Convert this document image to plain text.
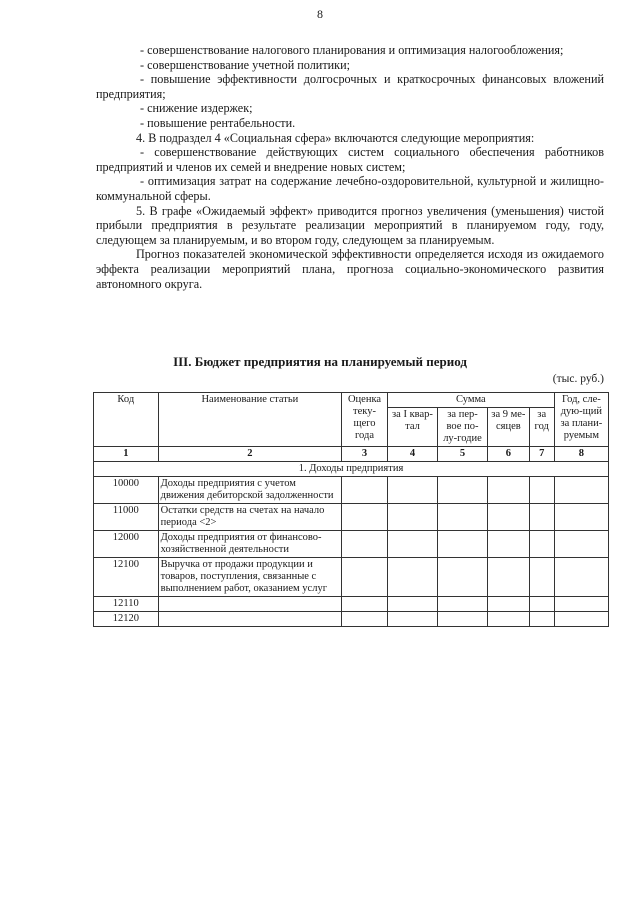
8

- совершенствование налогового планирования и оптимизация налогообложения;

- совершенствование учетной политики;

- повышение эффективности долгосрочных и краткосрочных финансовых вложений предприятия;

- снижение издержек;

- повышение рентабельности.

4. В подраздел 4 «Социальная сфера» включаются следующие мероприятия:

- совершенствование действующих систем социального обеспечения работников предприятий и членов их семей и внедрение новых систем;

- оптимизация затрат на содержание лечебно-оздоровительной, культурной и жилищно-коммунальной сферы.

5. В графе «Ожидаемый эффект» приводится прогноз увеличения (уменьшения) чистой прибыли предприятия в результате реализации мероприятий в планируемом году, году, следующем за планируемым, и во втором году, следующем за планируемым.

Прогноз показателей экономической эффективности определяется исходя из ожидаемого эффекта реализации мероприятий плана, прогноза социально-экономического развития автономного округа.

III. Бюджет предприятия на планируемый период
(тыс. руб.)
Код	Наименование статьи	Оценка теку-щего года	Сумма				Год, сле-дую-щий за плани-руемым
			за I квар-тал	за пер-вое по-лу-годие	за 9 ме-сяцев	за год	
1	2	3	4	5	6	7	8
1. Доходы предприятия							
10000	Доходы предприятия с учетом движения дебиторской задолженности						
11000	Остатки средств на счетах на начало периода <2>						
12000	Доходы предприятия от финансово-хозяйственной деятельности						
12100	Выручка от продажи продукции и товаров, поступления, связанные с выполнением работ, оказанием услуг						
12110							
12120							
